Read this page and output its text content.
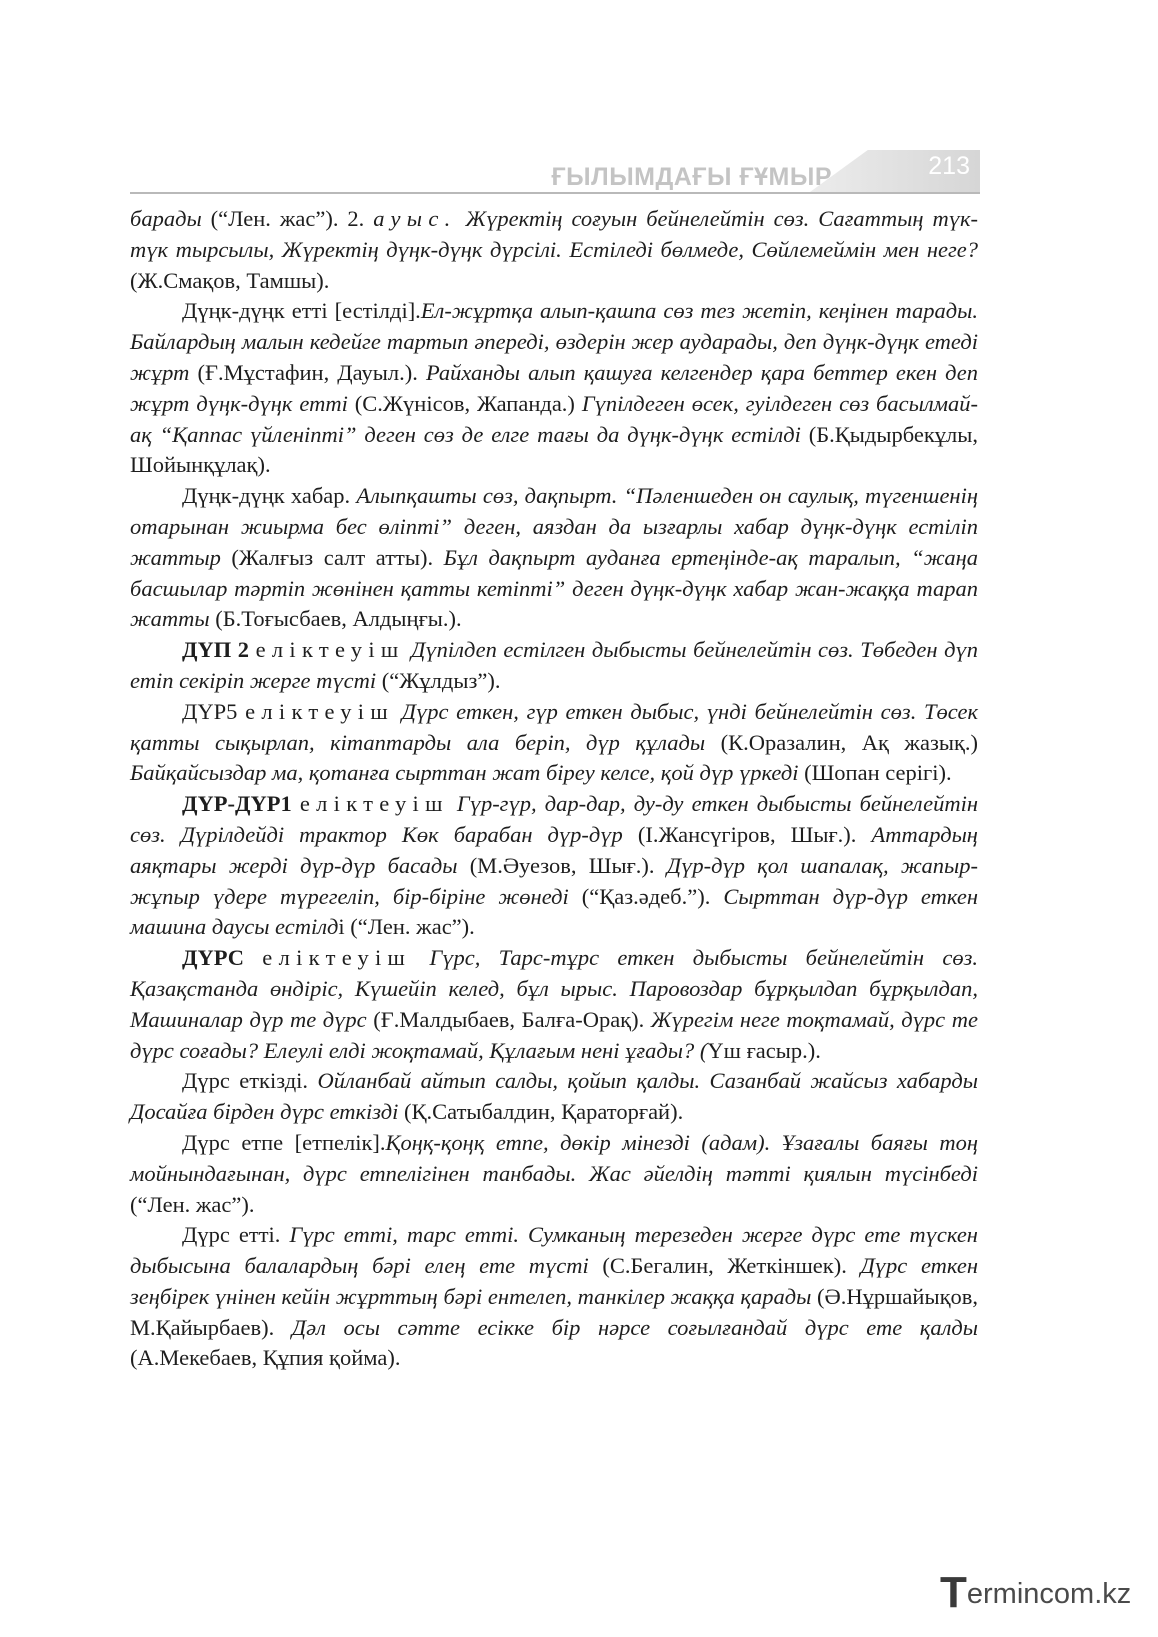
ҒЫЛЫМДАҒЫ ҒҰМЫР	213

барады (“Лен. жас”). 2. ауыс. Жүректің соғуын бейнелейтін сөз. Сағаттың түк-түк тырсылы, Жүректің дүңк-дүңк дүрсілі. Естіледі бөлмеде, Сөйлемеймін мен неге? (Ж.Смақов, Тамшы).

Дүңк-дүңк етті [естілді].Ел-жұртқа алып-қашпа сөз тез жетіп, кеңінен тарады. Байлардың малын кедейге тартып әпереді, өздерін жер аударады, деп дүңк-дүңк етеді жұрт (Ғ.Мұстафин, Дауыл.). Райханды алып қашуға келгендер қара беттер екен деп жұрт дүңк-дүңк етті (С.Жүнісов, Жапанда.) Гүпілдеген өсек, гуілдеген сөз басылмай-ақ “Қаппас үйленіпті” деген сөз де елге тағы да дүңк-дүңк естілді (Б.Қыдырбекұлы, Шойынқұлақ).

Дүңк-дүңк хабар. Алыпқашты сөз, дақпырт. “Пәленшеден он саулық, түгеншенің отарынан жиырма бес өліпті” деген, аяздан да ызғарлы хабар дүңк-дүңк естіліп жаттыр (Жалғыз салт атты). Бұл дақпырт ауданға ертеңінде-ақ таралып, “жаңа басшылар тәртіп жөнінен қатты кетіпті” деген дүңк-дүңк хабар жан-жаққа тарап жатты (Б.Тоғысбаев, Алдыңғы.).

ДҮП 2 еліктеуіш Дүпілдеп естілген дыбысты бейнелейтін сөз. Төбеден дүп етіп секіріп жерге түсті (“Жұлдыз”).

ДҮР5 еліктеуіш Дүрс еткен, гүр еткен дыбыс, үнді бейнелейтін сөз. Төсек қатты сықырлап, кітаптарды ала беріп, дүр құлады (К.Оразалин, Ақ жазық.) Байқайсыздар ма, қотанға сырттан жат біреу келсе, қой дүр үркеді (Шопан серігі).

ДҮР-ДҮР1 еліктеуіш Гүр-гүр, дар-дар, ду-ду еткен дыбысты бейнелейтін сөз. Дүрілдейді трактор Көк барабан дүр-дүр (І.Жансүгіров, Шығ.). Аттардың аяқтары жерді дүр-дүр басады (М.Әуезов, Шығ.). Дүр-дүр қол шапалақ, жапыр-жұпыр үдере түрегеліп, бір-біріне жөнеді (“Қаз.әдеб.”). Сырттан дүр-дүр еткен машина даусы естілді (“Лен. жас”).

ДҮРС еліктеуіш Гүрс, Тарс-тұрс еткен дыбысты бейнелейтін сөз. Қазақстанда өндіріс, Күшейіп келед, бұл ырыс. Паровоздар бұрқылдап бұрқылдап, Машиналар дүр те дүрс (Ғ.Малдыбаев, Балға-Орақ). Жүрегім неге тоқтамай, дүрс те дүрс соғады? Елеулі елді жоқтамай, Құлағым нені ұғады? (Үш ғасыр.).

Дүрс еткізді. Ойланбай айтып салды, қойып қалды. Сазанбай жайсыз хабарды Досайға бірден дүрс еткізді (Қ.Сатыбалдин, Қараторғай).

Дүрс етпе [етпелік].Қоңқ-қоңқ етпе, дөкір мінезді (адам). Ұзағалы баяғы тоң мойнындағынан, дүрс етпелігінен танбады. Жас әйелдің тәтті қиялын түсінбеді (“Лен. жас”).

Дүрс етті. Гүрс етті, тарс етті. Сумканың терезеден жерге дүрс ете түскен дыбысына балалардың бәрі елең ете түсті (С.Бегалин, Жеткіншек). Дүрс еткен зеңбірек үнінен кейін жұрттың бәрі ентелеп, танкілер жаққа қарады (Ә.Нұршайықов, М.Қайырбаев). Дәл осы сәтте есікке бір нәрсе соғылғандай дүрс ете қалды (А.Мекебаев, Құпия қойма).

Termincom.kz
